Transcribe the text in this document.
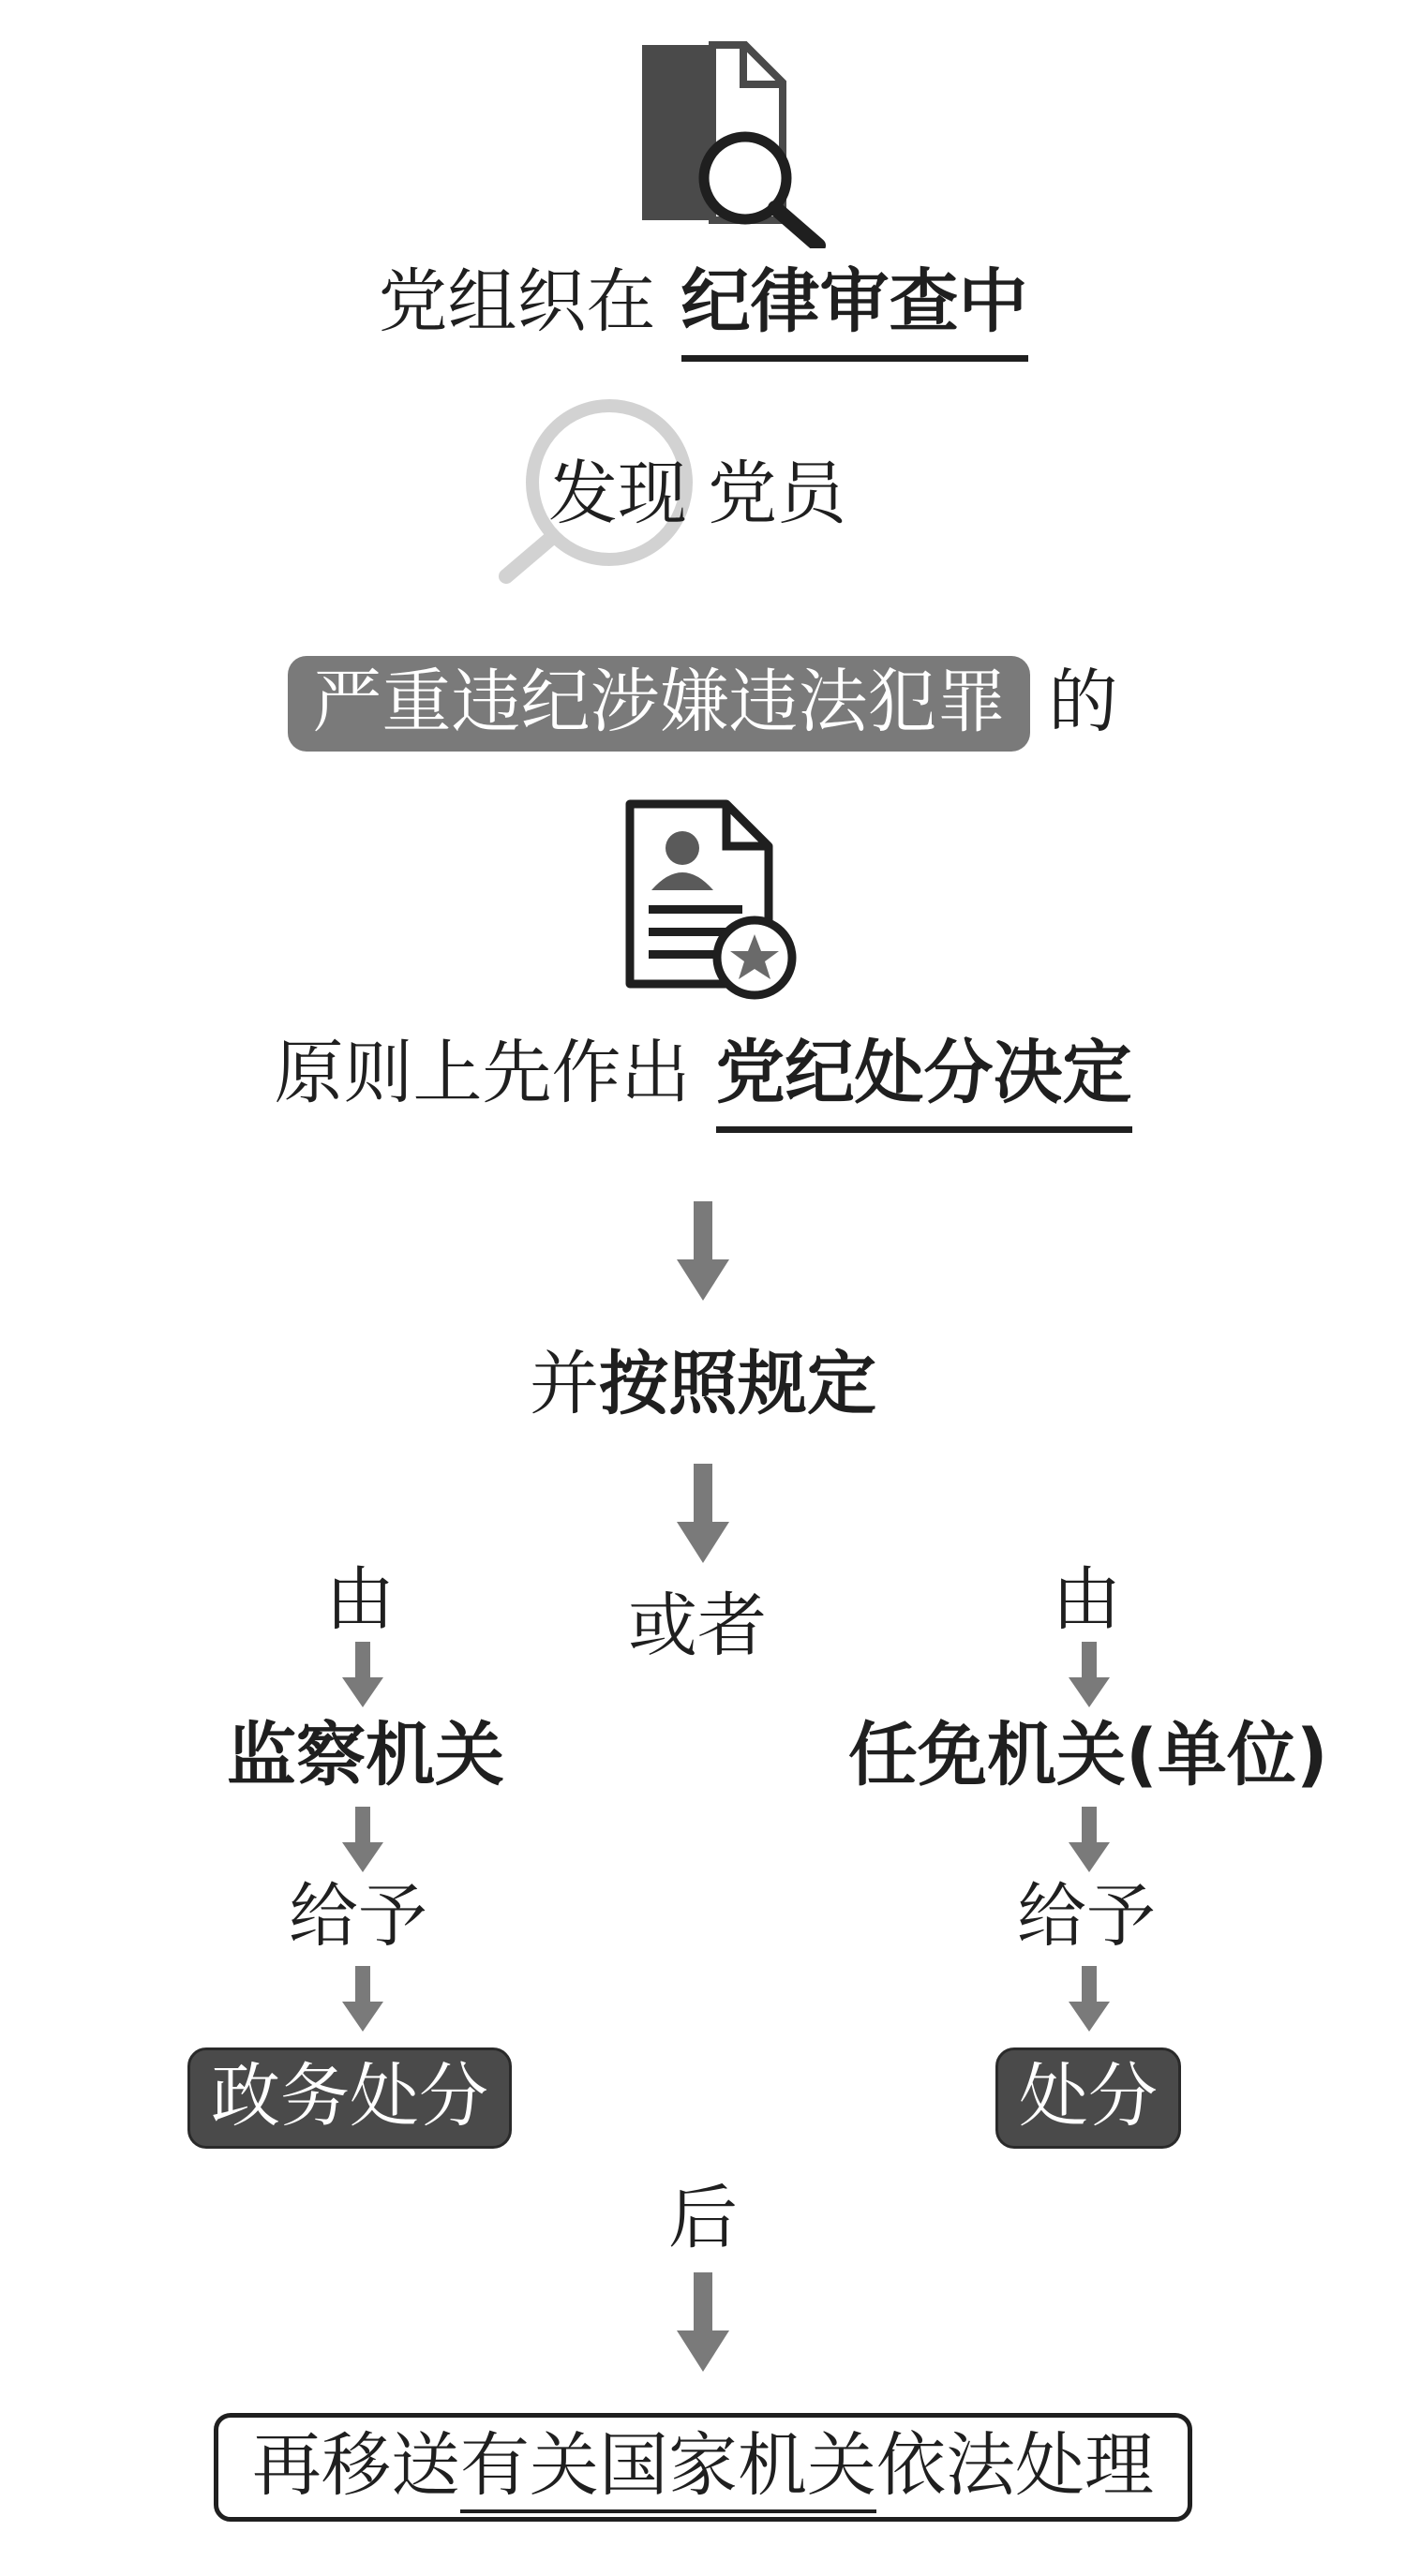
党组织在 纪律审查中
发现 党员
严重违纪涉嫌违法犯罪 的
原则上先作出 党纪处分决定
并按照规定
或者
由
监察机关
给予
政务处分
由
任免机关(单位)
给予
处分
后
再移送有关国家机关依法处理
